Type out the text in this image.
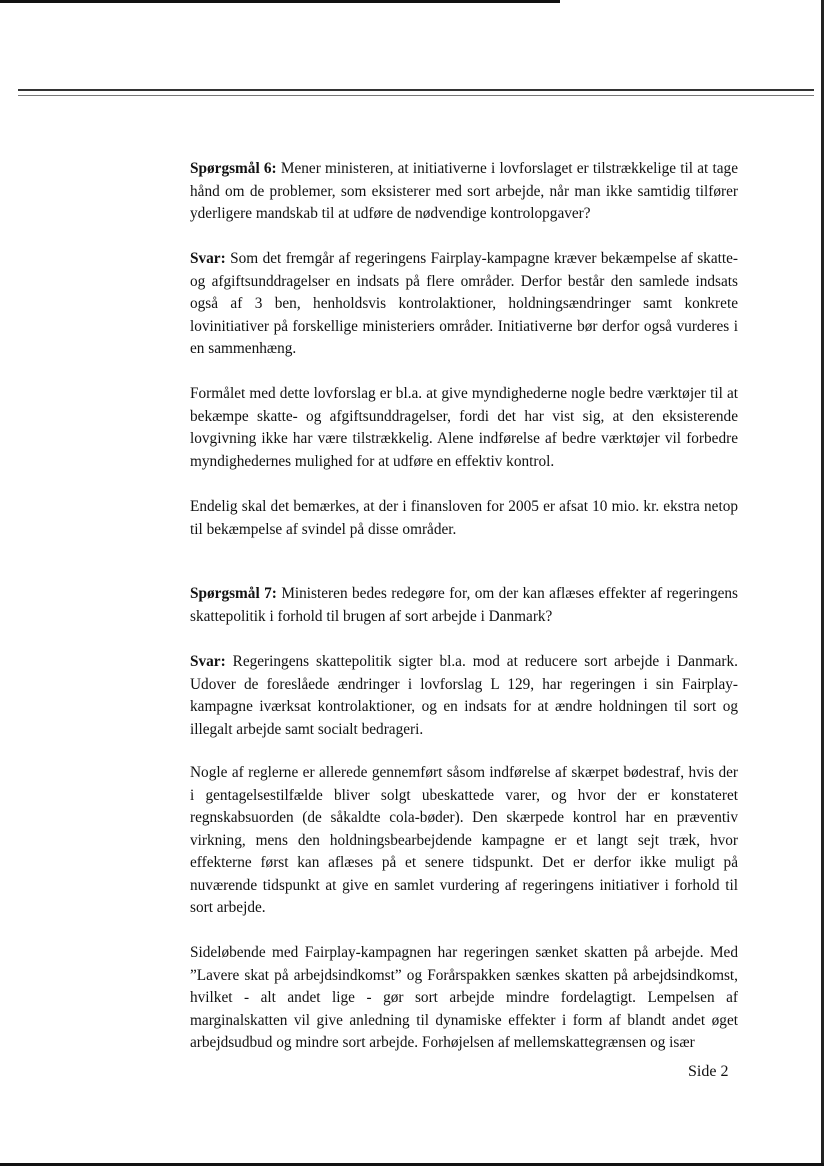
Spørgsmål 6: Mener ministeren, at initiativerne i lovforslaget er tilstrækkelige til at tage hånd om de problemer, som eksisterer med sort arbejde, når man ikke samtidig tilfører yderligere mandskab til at udføre de nødvendige kontrolopgaver?

Svar: Som det fremgår af regeringens Fairplay-kampagne kræver bekæmpelse af skatte- og afgiftsunddragelser en indsats på flere områder. Derfor består den samlede indsats også af 3 ben, henholdsvis kontrolaktioner, holdningsændringer samt konkrete lovinitiativer på forskellige ministeriers områder. Initiativerne bør derfor også vurderes i en sammenhæng.

Formålet med dette lovforslag er bl.a. at give myndighederne nogle bedre værktøjer til at bekæmpe skatte- og afgiftsunddragelser, fordi det har vist sig, at den eksisterende lovgivning ikke har være tilstrækkelig. Alene indførelse af bedre værktøjer vil forbedre myndighedernes mulighed for at udføre en effektiv kontrol.

Endelig skal det bemærkes, at der i finansloven for 2005 er afsat 10 mio. kr. ekstra netop til bekæmpelse af svindel på disse områder.

Spørgsmål 7: Ministeren bedes redegøre for, om der kan aflæses effekter af regeringens skattepolitik i forhold til brugen af sort arbejde i Danmark?

Svar: Regeringens skattepolitik sigter bl.a. mod at reducere sort arbejde i Danmark. Udover de foreslåede ændringer i lovforslag L 129, har regeringen i sin Fairplay-kampagne iværksat kontrolaktioner, og en indsats for at ændre holdningen til sort og illegalt arbejde samt socialt bedrageri.

Nogle af reglerne er allerede gennemført såsom indførelse af skærpet bødestraf, hvis der i gentagelsestilfælde bliver solgt ubeskattede varer, og hvor der er konstateret regnskabsuorden (de såkaldte cola-bøder). Den skærpede kontrol har en præventiv virkning, mens den holdningsbearbejdende kampagne er et langt sejt træk, hvor effekterne først kan aflæses på et senere tidspunkt. Det er derfor ikke muligt på nuværende tidspunkt at give en samlet vurdering af regeringens initiativer i forhold til sort arbejde.

Sideløbende med Fairplay-kampagnen har regeringen sænket skatten på arbejde. Med ”Lavere skat på arbejdsindkomst” og Forårspakken sænkes skatten på arbejdsindkomst, hvilket - alt andet lige - gør sort arbejde mindre fordelagtigt. Lempelsen af marginalskatten vil give anledning til dynamiske effekter i form af blandt andet øget arbejdsudbud og mindre sort arbejde. Forhøjelsen af mellemskattegrænsen og især

Side 2
